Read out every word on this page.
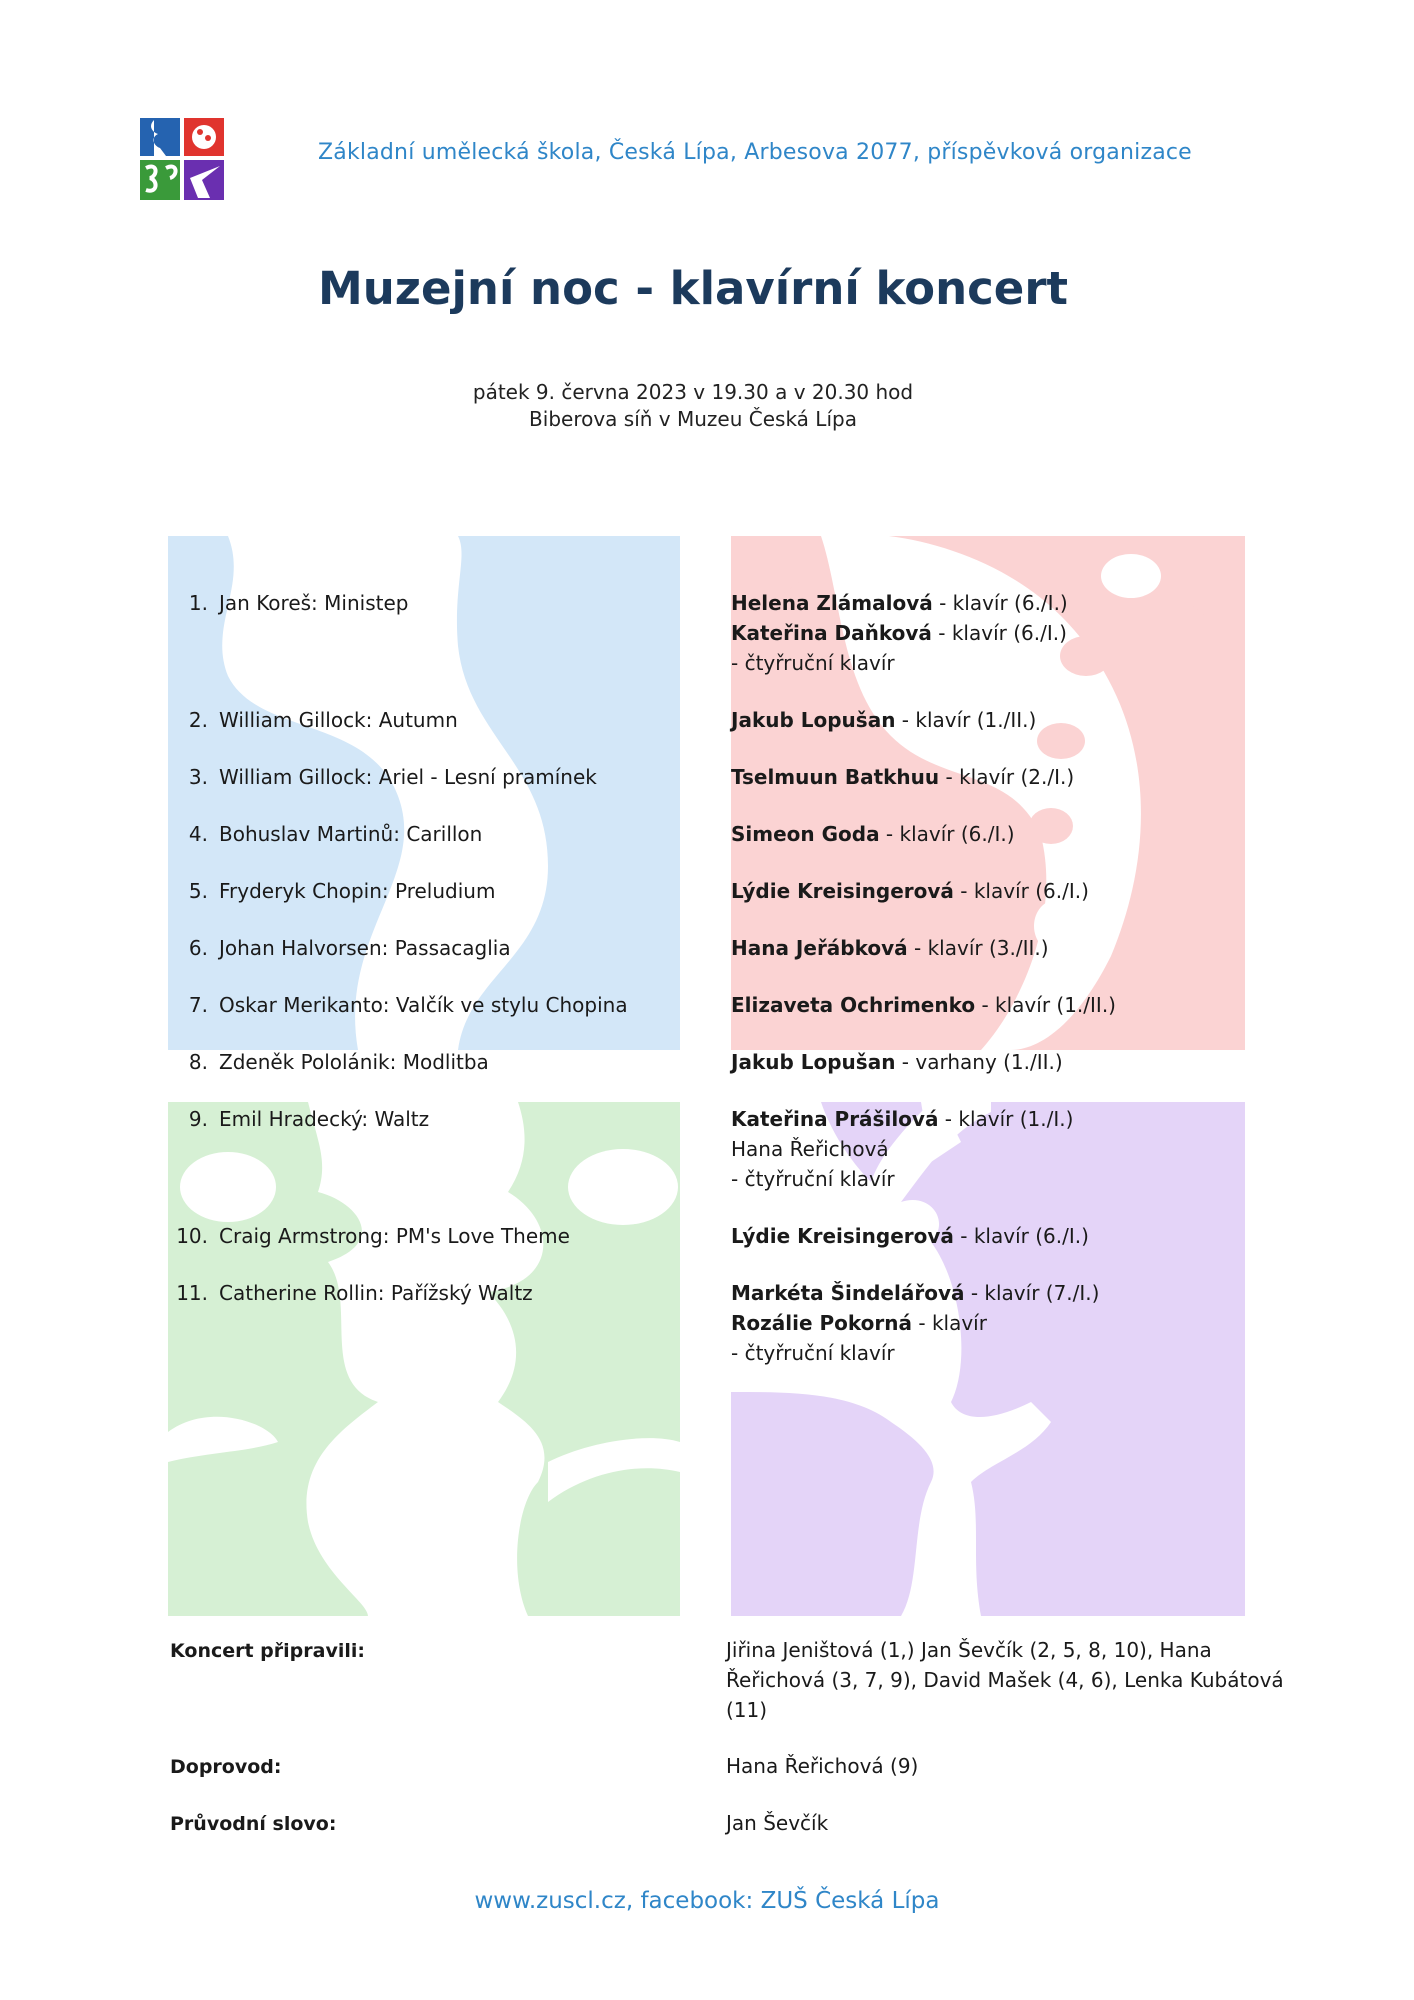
Základní umělecká škola, Česká Lípa, Arbesova 2077, příspěvková organizace
Muzejní noc - klavírní koncert
pátek 9. června 2023 v 19.30 a v 20.30 hod
Biberova síň v Muzeu Česká Lípa
1. Jan Koreš: Ministep	Helena Zlámalová - klavír (6./I.)
Kateřina Daňková - klavír (6./I.)
- čtyřruční klavír
2. William Gillock: Autumn	Jakub Lopušan - klavír (1./II.)
3. William Gillock: Ariel - Lesní pramínek	Tselmuun Batkhuu - klavír (2./I.)
4. Bohuslav Martinů: Carillon	Simeon Goda - klavír (6./I.)
5. Fryderyk Chopin: Preludium	Lýdie Kreisingerová - klavír (6./I.)
6. Johan Halvorsen: Passacaglia	Hana Jeřábková - klavír (3./II.)
7. Oskar Merikanto: Valčík ve stylu Chopina	Elizaveta Ochrimenko - klavír (1./II.)
8. Zdeněk Pololánik: Modlitba	Jakub Lopušan - varhany (1./II.)
9. Emil Hradecký: Waltz	Kateřina Prášilová - klavír (1./I.)
Hana Řeřichová
- čtyřruční klavír
10. Craig Armstrong: PM's Love Theme	Lýdie Kreisingerová - klavír (6./I.)
11. Catherine Rollin: Pařížský Waltz	Markéta Šindelářová - klavír (7./I.)
Rozálie Pokorná - klavír
- čtyřruční klavír
Koncert připravili:	Jiřina Jeništová (1,) Jan Ševčík (2, 5, 8, 10), Hana Řeřichová (3, 7, 9), David Mašek (4, 6), Lenka Kubátová (11)
Doprovod:	Hana Řeřichová (9)
Průvodní slovo:	Jan Ševčík
www.zuscl.cz, facebook: ZUŠ Česká Lípa
